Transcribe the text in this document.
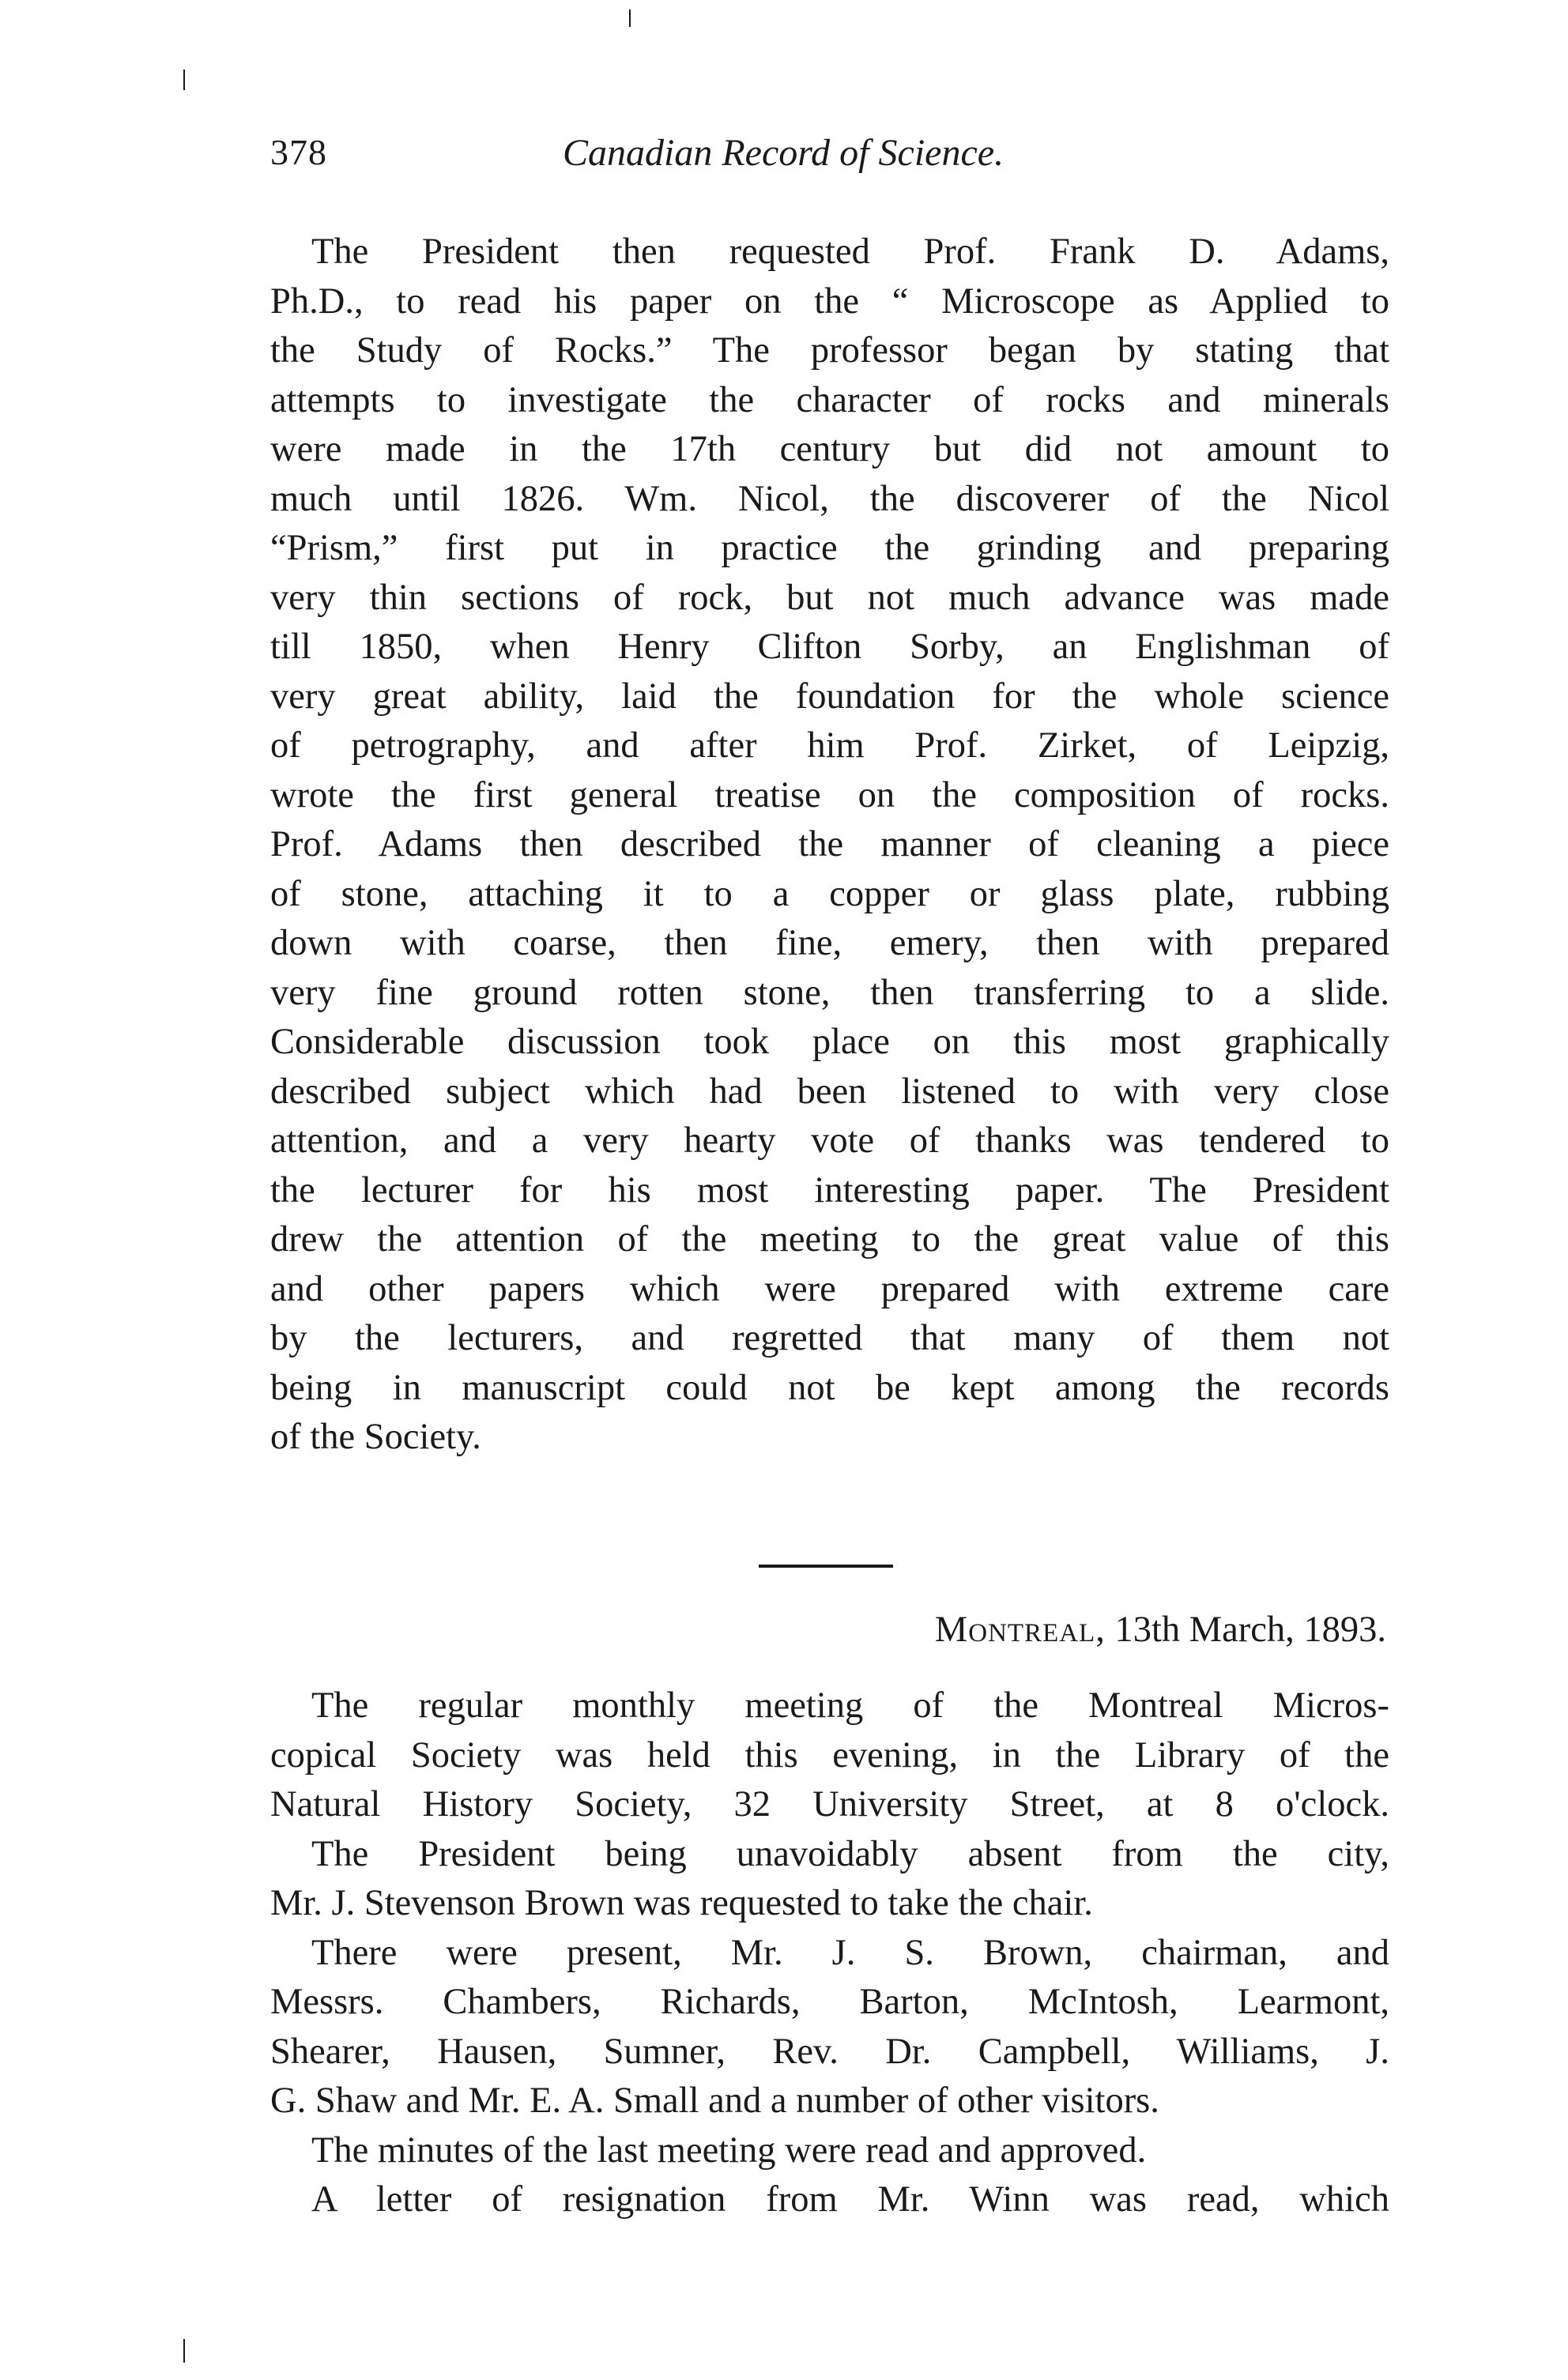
378	Canadian Record of Science.
The President then requested Prof. Frank D. Adams,
Ph.D., to read his paper on the “ Microscope as Applied to
the Study of Rocks.” The professor began by stating that
attempts to investigate the character of rocks and minerals
were made in the 17th century but did not amount to
much until 1826. Wm. Nicol, the discoverer of the Nicol
“Prism,” first put in practice the grinding and preparing
very thin sections of rock, but not much advance was made
till 1850, when Henry Clifton Sorby, an Englishman of
very great ability, laid the foundation for the whole science
of petrography, and after him Prof. Zirket, of Leipzig,
wrote the first general treatise on the composition of rocks.
Prof. Adams then described the manner of cleaning a piece
of stone, attaching it to a copper or glass plate, rubbing
down with coarse, then fine, emery, then with prepared
very fine ground rotten stone, then transferring to a slide.
Considerable discussion took place on this most graphically
described subject which had been listened to with very close
attention, and a very hearty vote of thanks was tendered to
the lecturer for his most interesting paper. The President
drew the attention of the meeting to the great value of this
and other papers which were prepared with extreme care
by the lecturers, and regretted that many of them not
being in manuscript could not be kept among the records
of the Society.
Montreal, 13th March, 1893.
The regular monthly meeting of the Montreal Micros-
copical Society was held this evening, in the Library of the
Natural History Society, 32 University Street, at 8 o'clock.
The President being unavoidably absent from the city,
Mr. J. Stevenson Brown was requested to take the chair.
There were present, Mr. J. S. Brown, chairman, and
Messrs. Chambers, Richards, Barton, McIntosh, Learmont,
Shearer, Hausen, Sumner, Rev. Dr. Campbell, Williams, J.
G. Shaw and Mr. E. A. Small and a number of other visitors.
The minutes of the last meeting were read and approved.
A letter of resignation from Mr. Winn was read, which
